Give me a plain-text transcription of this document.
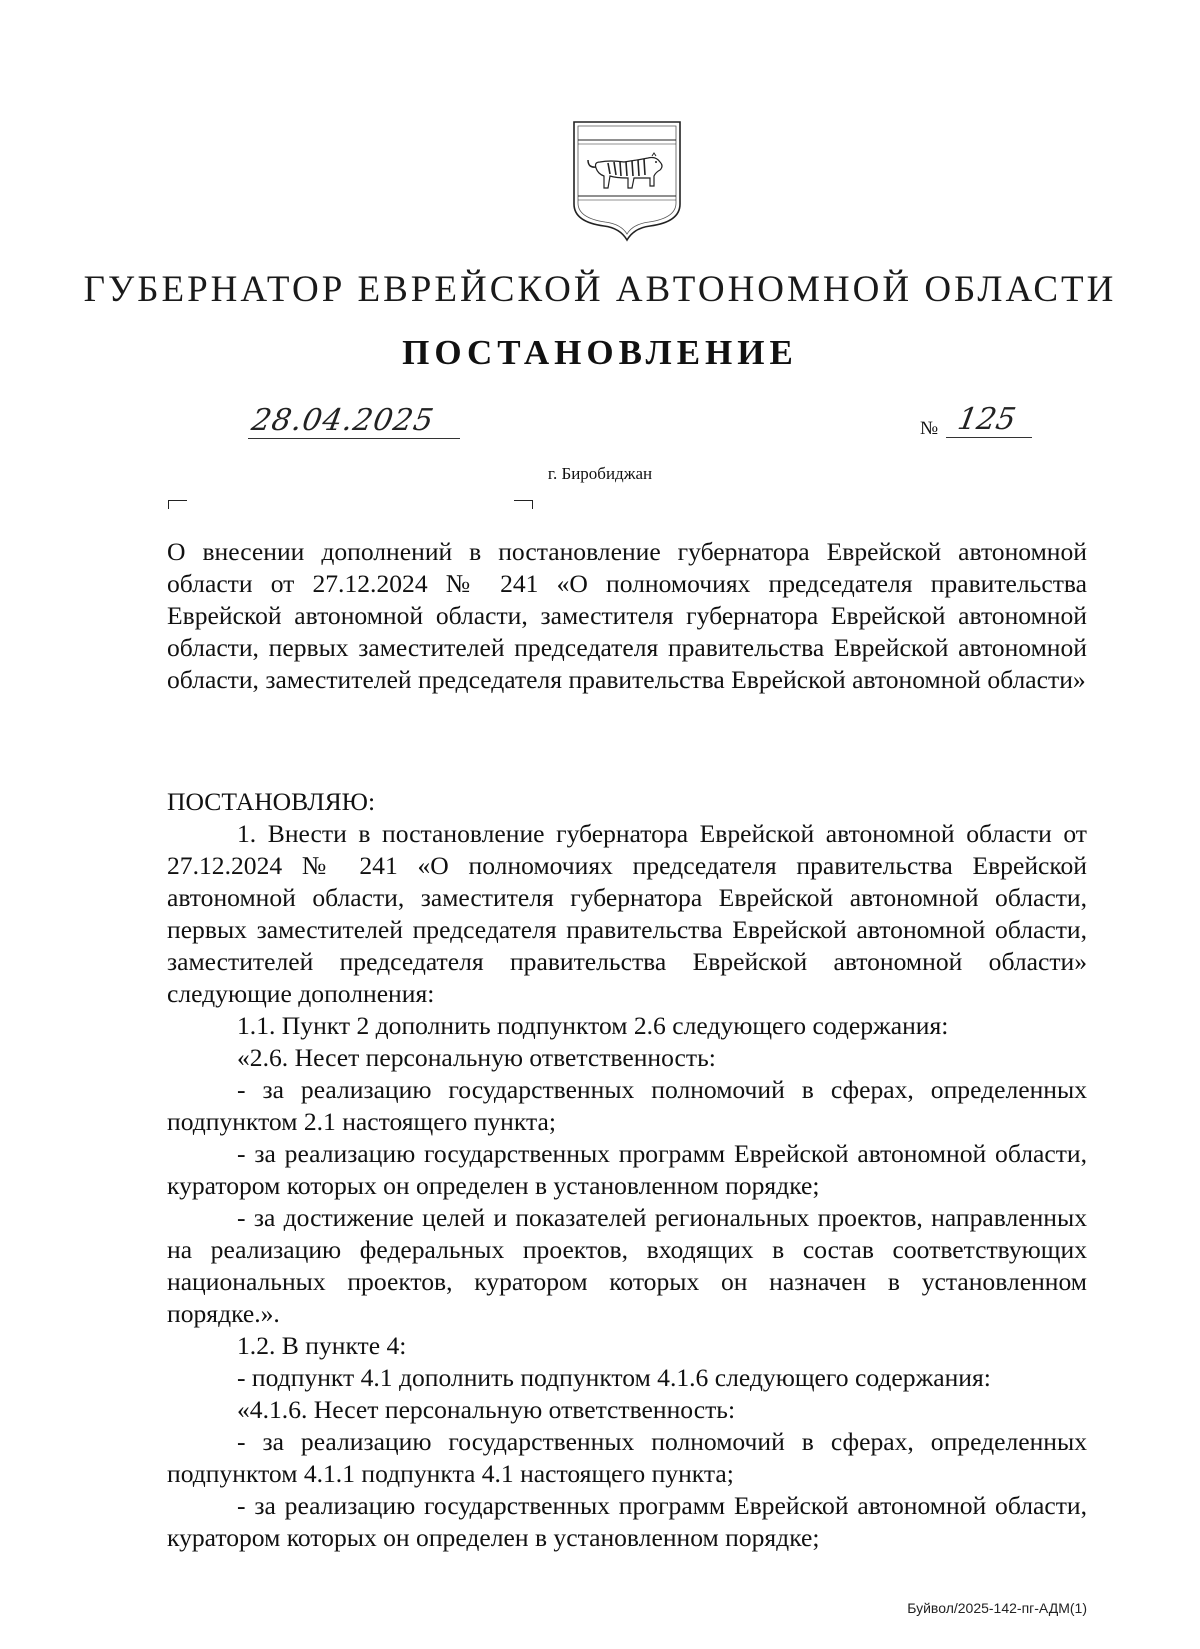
ГУБЕРНАТОР ЕВРЕЙСКОЙ АВТОНОМНОЙ ОБЛАСТИ
ПОСТАНОВЛЕНИЕ
28.04.2025	№ 125
г. Биробиджан

О внесении дополнений в постановление губернатора Еврейской автономной области от 27.12.2024 № 241 «О полномочиях председателя правительства Еврейской автономной области, заместителя губернатора Еврейской автономной области, первых заместителей председателя правительства Еврейской автономной области, заместителей председателя правительства Еврейской автономной области»

ПОСТАНОВЛЯЮ:

1. Внести в постановление губернатора Еврейской автономной области от 27.12.2024 № 241 «О полномочиях председателя правительства Еврейской автономной области, заместителя губернатора Еврейской автономной области, первых заместителей председателя правительства Еврейской автономной области, заместителей председателя правительства Еврейской автономной области» следующие дополнения:

1.1. Пункт 2 дополнить подпунктом 2.6 следующего содержания:

«2.6. Несет персональную ответственность:

- за реализацию государственных полномочий в сферах, определенных подпунктом 2.1 настоящего пункта;

- за реализацию государственных программ Еврейской автономной области, куратором которых он определен в установленном порядке;

- за достижение целей и показателей региональных проектов, направленных на реализацию федеральных проектов, входящих в состав соответствующих национальных проектов, куратором которых он назначен в установленном порядке.».

1.2. В пункте 4:

- подпункт 4.1 дополнить подпунктом 4.1.6 следующего содержания:

«4.1.6. Несет персональную ответственность:

- за реализацию государственных полномочий в сферах, определенных подпунктом 4.1.1 подпункта 4.1 настоящего пункта;

- за реализацию государственных программ Еврейской автономной области, куратором которых он определен в установленном порядке;

Буйвол/2025-142-пг-АДМ(1)
